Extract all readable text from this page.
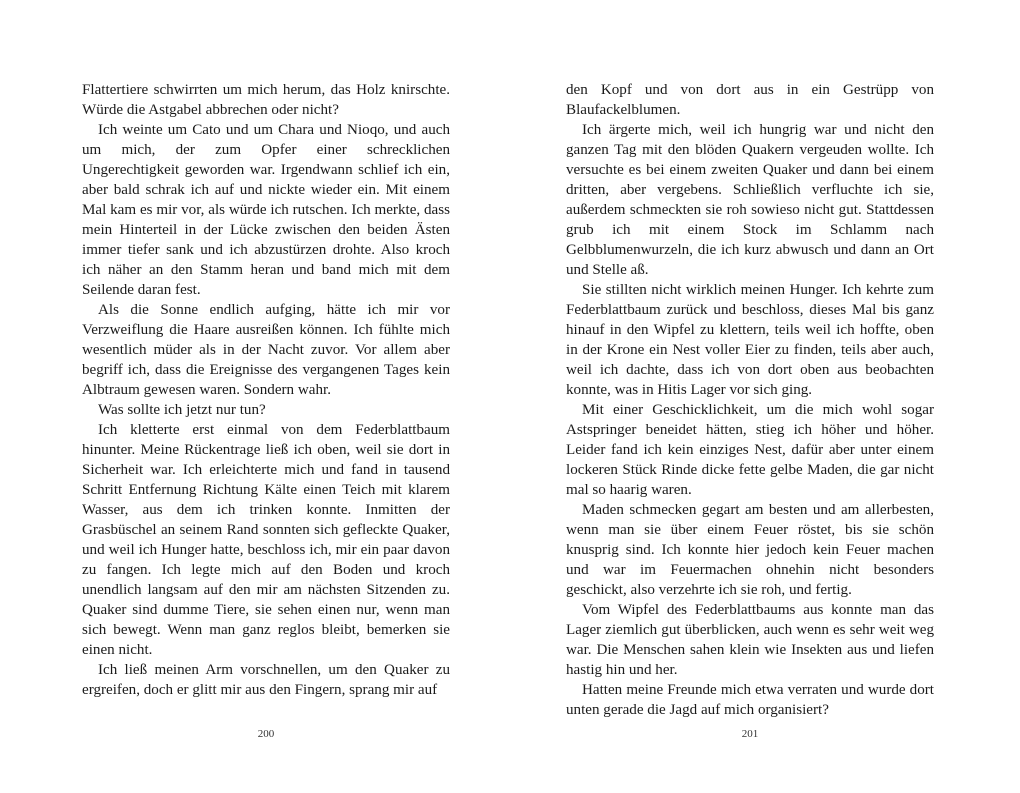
Flattertiere schwirrten um mich herum, das Holz knirschte. Würde die Astgabel abbrechen oder nicht?

Ich weinte um Cato und um Chara und Nioqo, und auch um mich, der zum Opfer einer schrecklichen Ungerechtigkeit geworden war. Irgendwann schlief ich ein, aber bald schrak ich auf und nickte wieder ein. Mit einem Mal kam es mir vor, als würde ich rutschen. Ich merkte, dass mein Hinterteil in der Lücke zwischen den beiden Ästen immer tiefer sank und ich abzustürzen drohte. Also kroch ich näher an den Stamm heran und band mich mit dem Seilende daran fest.

Als die Sonne endlich aufging, hätte ich mir vor Verzweiflung die Haare ausreißen können. Ich fühlte mich wesentlich müder als in der Nacht zuvor. Vor allem aber begriff ich, dass die Ereignisse des vergangenen Tages kein Albtraum gewesen waren. Sondern wahr.

Was sollte ich jetzt nur tun?

Ich kletterte erst einmal von dem Federblattbaum hinunter. Meine Rückentrage ließ ich oben, weil sie dort in Sicherheit war. Ich erleichterte mich und fand in tausend Schritt Entfernung Richtung Kälte einen Teich mit klarem Wasser, aus dem ich trinken konnte. Inmitten der Grasbüschel an seinem Rand sonnten sich gefleckte Quaker, und weil ich Hunger hatte, beschloss ich, mir ein paar davon zu fangen. Ich legte mich auf den Boden und kroch unendlich langsam auf den mir am nächsten Sitzenden zu. Quaker sind dumme Tiere, sie sehen einen nur, wenn man sich bewegt. Wenn man ganz reglos bleibt, bemerken sie einen nicht.

Ich ließ meinen Arm vorschnellen, um den Quaker zu ergreifen, doch er glitt mir aus den Fingern, sprang mir auf

200

den Kopf und von dort aus in ein Gestrüpp von Blaufackelblumen.

Ich ärgerte mich, weil ich hungrig war und nicht den ganzen Tag mit den blöden Quakern vergeuden wollte. Ich versuchte es bei einem zweiten Quaker und dann bei einem dritten, aber vergebens. Schließlich verfluchte ich sie, außerdem schmeckten sie roh sowieso nicht gut. Stattdessen grub ich mit einem Stock im Schlamm nach Gelbblumenwurzeln, die ich kurz abwusch und dann an Ort und Stelle aß.

Sie stillten nicht wirklich meinen Hunger. Ich kehrte zum Federblattbaum zurück und beschloss, dieses Mal bis ganz hinauf in den Wipfel zu klettern, teils weil ich hoffte, oben in der Krone ein Nest voller Eier zu finden, teils aber auch, weil ich dachte, dass ich von dort oben aus beobachten konnte, was in Hitis Lager vor sich ging.

Mit einer Geschicklichkeit, um die mich wohl sogar Astspringer beneidet hätten, stieg ich höher und höher. Leider fand ich kein einziges Nest, dafür aber unter einem lockeren Stück Rinde dicke fette gelbe Maden, die gar nicht mal so haarig waren.

Maden schmecken gegart am besten und am allerbesten, wenn man sie über einem Feuer röstet, bis sie schön knusprig sind. Ich konnte hier jedoch kein Feuer machen und war im Feuermachen ohnehin nicht besonders geschickt, also verzehrte ich sie roh, und fertig.

Vom Wipfel des Federblattbaums aus konnte man das Lager ziemlich gut überblicken, auch wenn es sehr weit weg war. Die Menschen sahen klein wie Insekten aus und liefen hastig hin und her.

Hatten meine Freunde mich etwa verraten und wurde dort unten gerade die Jagd auf mich organisiert?

201
